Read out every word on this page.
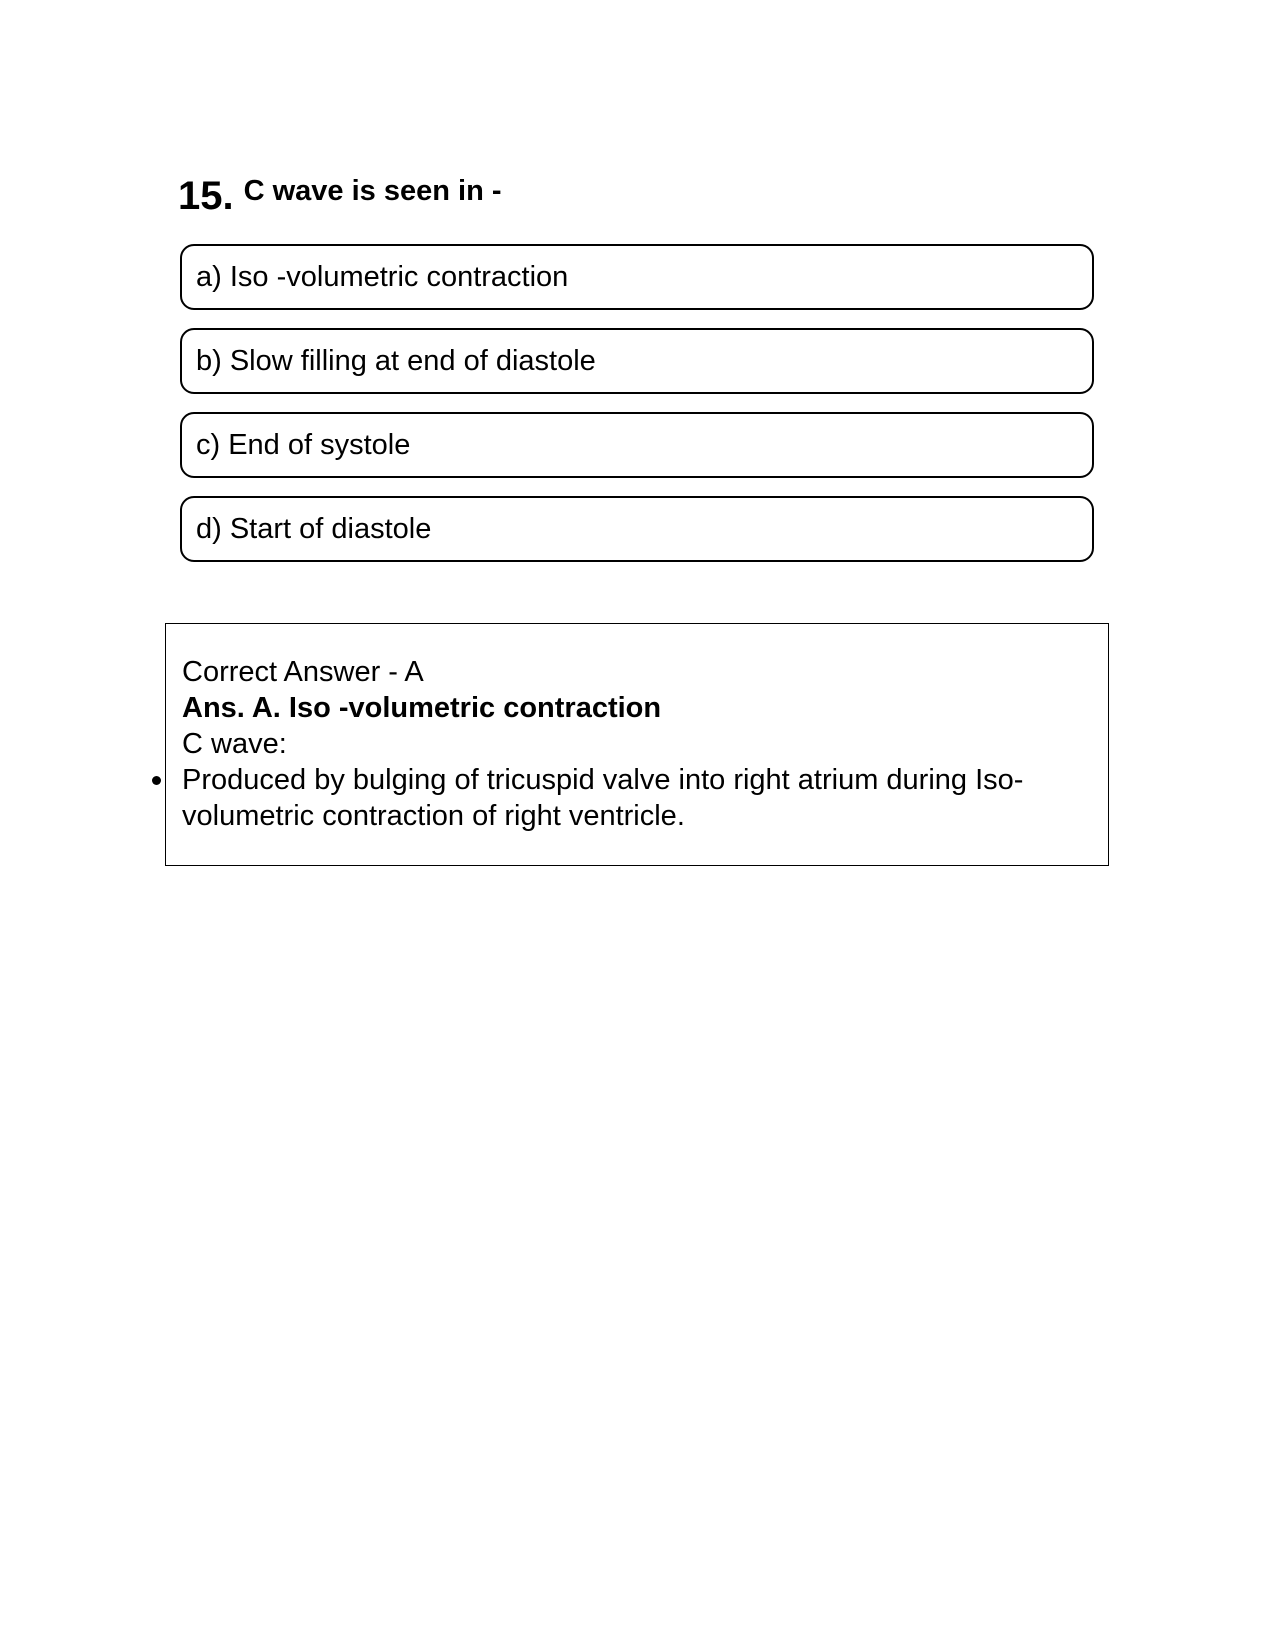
15. C wave is seen in -
a) Iso -volumetric contraction
b) Slow filling at end of diastole
c) End of systole
d) Start of diastole
Correct Answer - A
Ans. A. Iso -volumetric contraction
C wave:
Produced by bulging of tricuspid valve into right atrium during Iso-volumetric contraction of right ventricle.
